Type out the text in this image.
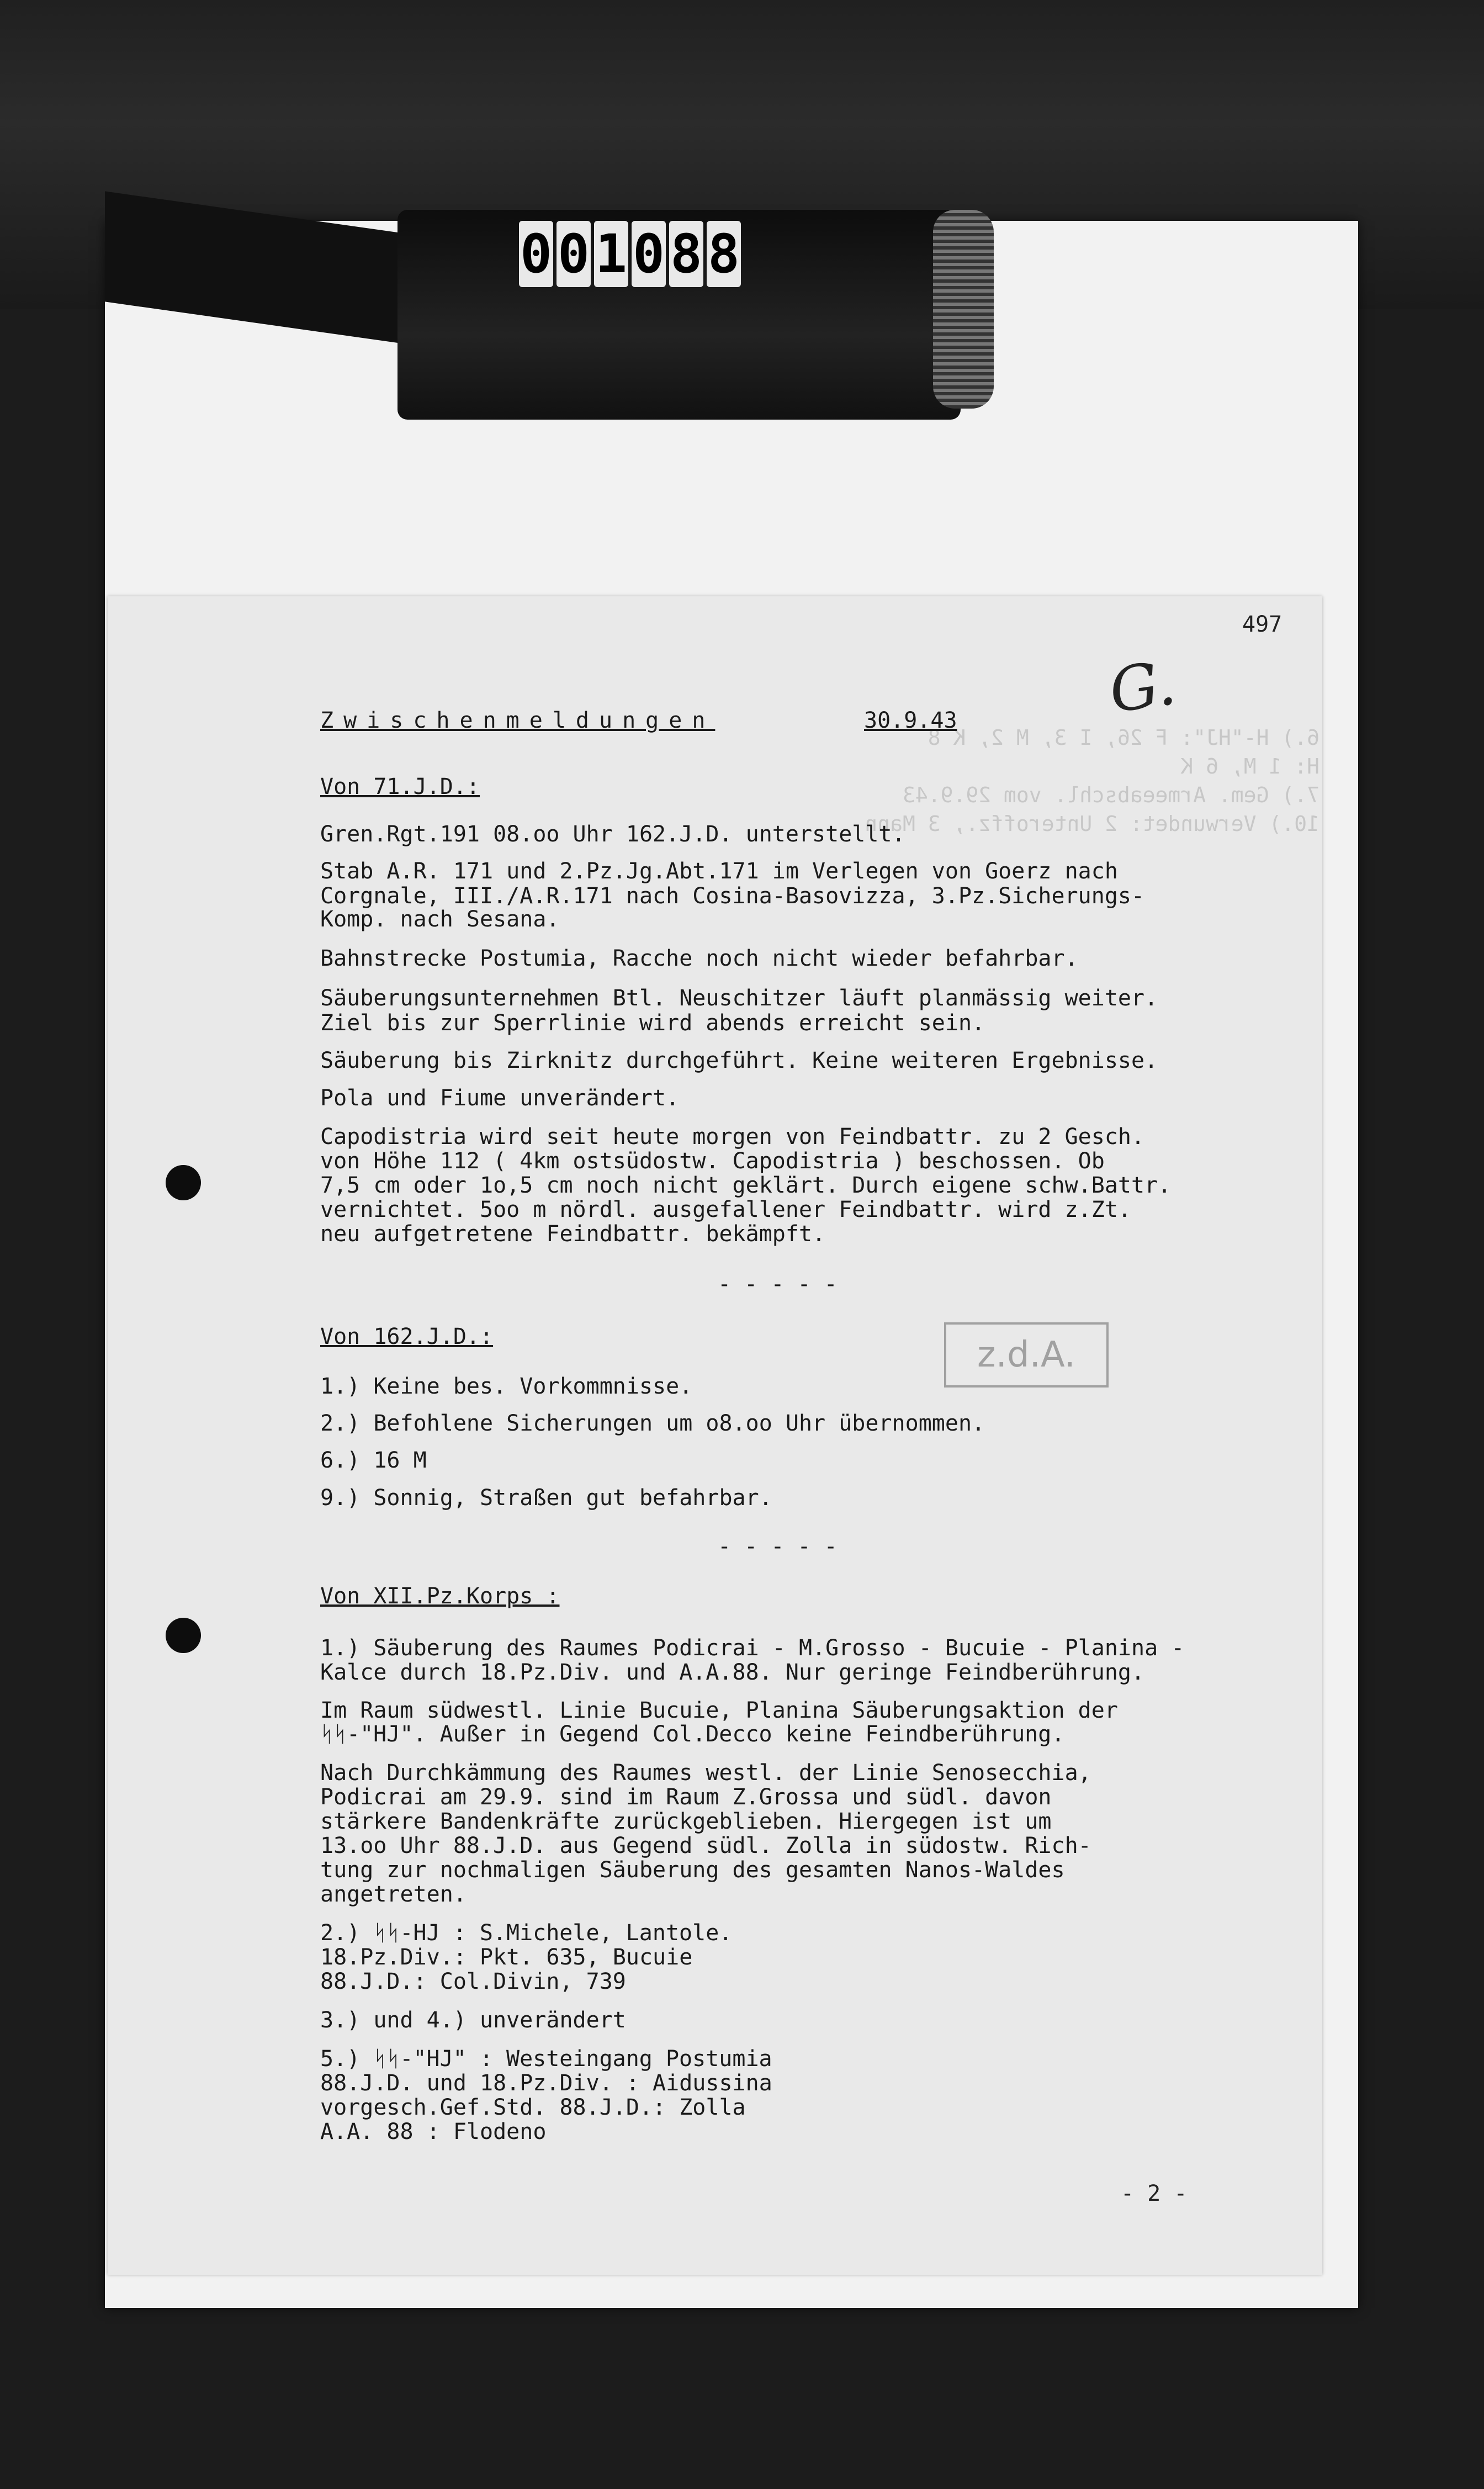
0 0 1 0 8 8
497
G.
6.) H-"HJ": F 26, I 3, M 2, K 8
H: 1 M, 6 K
7.) Gem. Armeeabschl. vom 29.9.43
10.) Verwundet: 2 Unteroffz., 3 Mann
Zwischenmeldungen	30.9.43
Von 71.J.D.:
Gren.Rgt.191 08.oo Uhr 162.J.D. unterstellt.
Stab A.R. 171 und 2.Pz.Jg.Abt.171 im Verlegen von Goerz nach
Corgnale, III./A.R.171 nach Cosina-Basovizza, 3.Pz.Sicherungs-
Komp. nach Sesana.
Bahnstrecke Postumia, Racche noch nicht wieder befahrbar.
Säuberungsunternehmen Btl. Neuschitzer läuft planmässig weiter.
Ziel bis zur Sperrlinie wird abends erreicht sein.
Säuberung bis Zirknitz durchgeführt. Keine weiteren Ergebnisse.
Pola und Fiume unverändert.
Capodistria wird seit heute morgen von Feindbattr. zu 2 Gesch.
von Höhe 112 ( 4km ostsüdostw. Capodistria ) beschossen. Ob
7,5 cm oder 1o,5 cm noch nicht geklärt. Durch eigene schw.Battr.
vernichtet. 5oo m nördl. ausgefallener Feindbattr. wird z.Zt.
neu aufgetretene Feindbattr. bekämpft.
- - - - -
Von 162.J.D.:
1.) Keine bes. Vorkommnisse.
2.) Befohlene Sicherungen um o8.oo Uhr übernommen.
6.) 16 M
9.) Sonnig, Straßen gut befahrbar.
- - - - -
z.d.A.
Von XII.Pz.Korps :
1.) Säuberung des Raumes Podicrai - M.Grosso - Bucuie - Planina -
Kalce durch 18.Pz.Div. und A.A.88. Nur geringe Feindberührung.
Im Raum südwestl. Linie Bucuie, Planina Säuberungsaktion der
ᛋᛋ-"HJ". Außer in Gegend Col.Decco keine Feindberührung.
Nach Durchkämmung des Raumes westl. der Linie Senosecchia,
Podicrai am 29.9. sind im Raum Z.Grossa und südl. davon
stärkere Bandenkräfte zurückgeblieben. Hiergegen ist um
13.oo Uhr 88.J.D. aus Gegend südl. Zolla in südostw. Rich-
tung zur nochmaligen Säuberung des gesamten Nanos-Waldes
angetreten.
2.) ᛋᛋ-HJ : S.Michele, Lantole.
18.Pz.Div.: Pkt. 635, Bucuie
88.J.D.: Col.Divin, 739
3.) und 4.) unverändert
5.) ᛋᛋ-"HJ" : Westeingang Postumia
88.J.D. und 18.Pz.Div. : Aidussina
vorgesch.Gef.Std. 88.J.D.: Zolla
A.A. 88 : Flodeno
- 2 -
